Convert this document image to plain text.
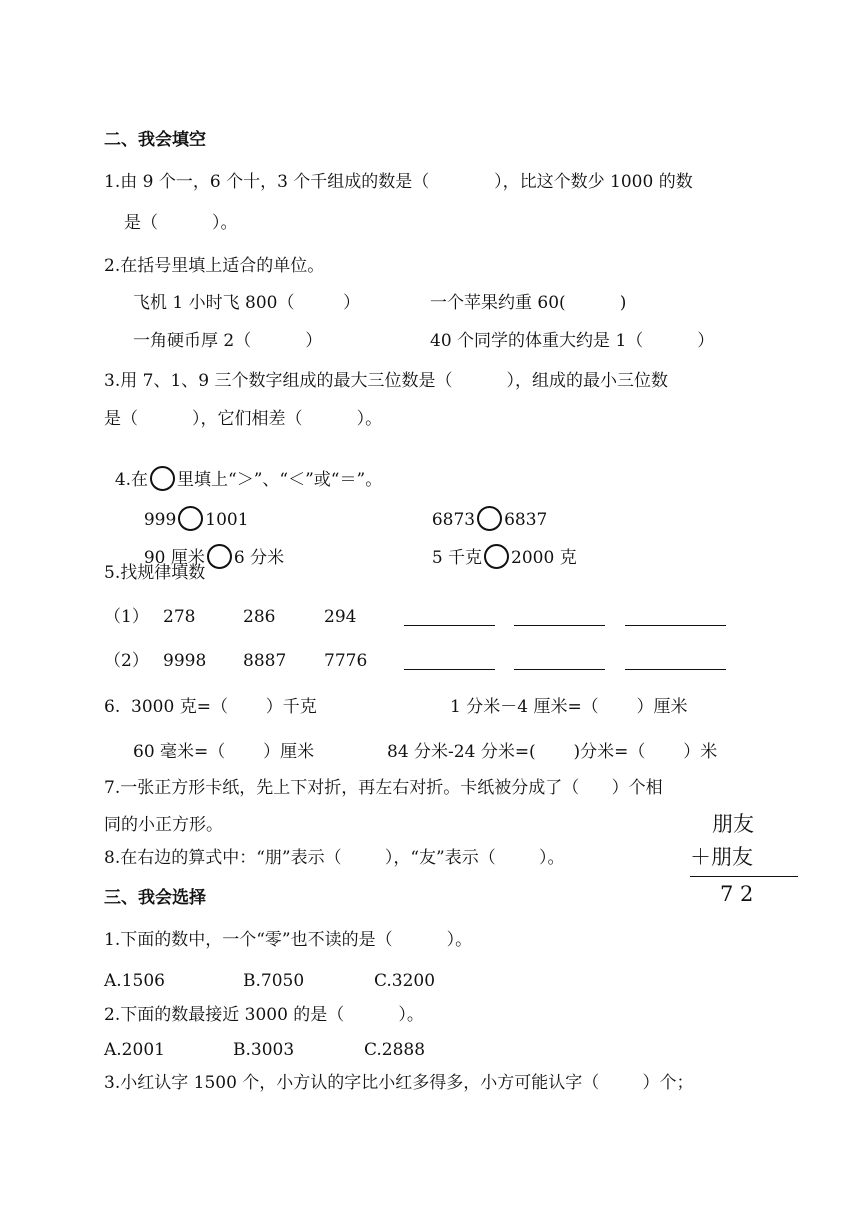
二、我会填空
1.由 9 个一，6 个十，3 个千组成的数是（            ），比这个数少 1000 的数
是（          ）。
2.在括号里填上适合的单位。
飞机 1 小时飞 800（         ）	一个苹果约重 60(          )
一角硬币厚 2（          ）	40 个同学的体重大约是 1（          ）
3.用 7、1、9 三个数字组成的最大三位数是（          ），组成的最小三位数
是（          ），它们相差（          ）。

4.在 里填上“＞”、“＜”或“＝”。

999 1001	6873 6837

90 厘米 6 分米	5 千克 2000 克

5.找规律填数
（1） 278	286	294
（2） 9998 8887 7776
6.  3000 克=（       ）千克	1 分米－4 厘米=（       ）厘米
60 毫米=（       ）厘米	84 分米-24 分米=(       )分米=（       ）米
7.一张正方形卡纸，先上下对折，再左右对折。卡纸被分成了（      ）个相
同的小正方形。
8.在右边的算式中：“朋”表示（        ），“友”表示（        ）。
朋友
＋朋友
7 2
三、我会选择
1.下面的数中，一个“零”也不读的是（          ）。
A.1506	B.7050	C.3200
2.下面的数最接近 3000 的是（          ）。
A.2001	B.3003	C.2888
3.小红认字 1500 个，小方认的字比小红多得多，小方可能认字（        ）个；
